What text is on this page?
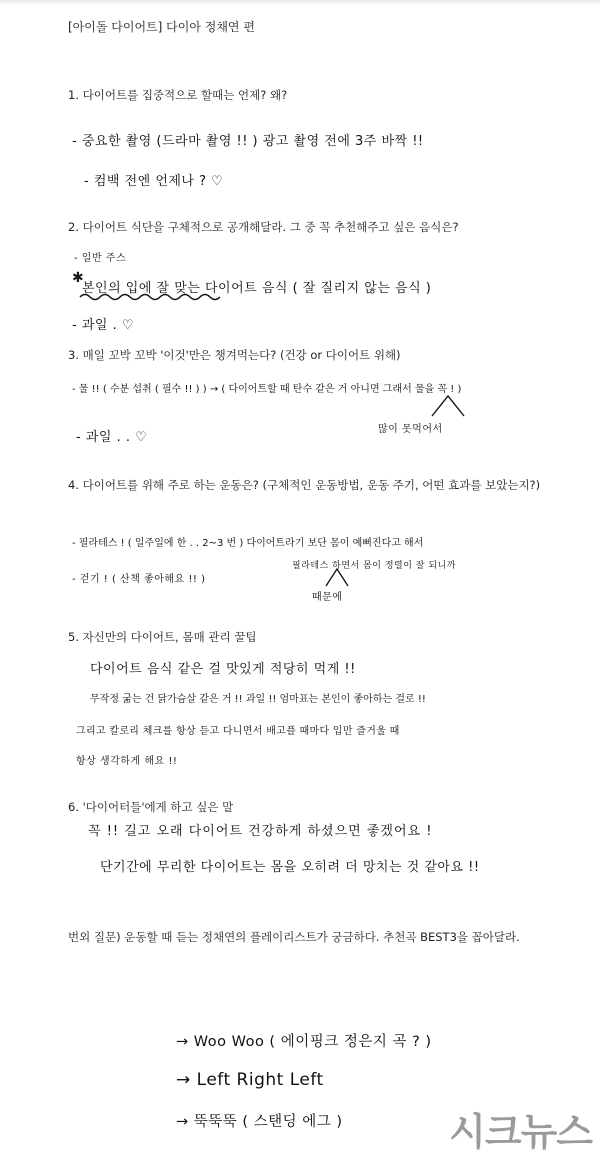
[아이돌 다이어트] 다이아 정채연 편

1. 다이어트를 집중적으로 할때는 언제? 왜?

- 중요한 촬영 (드라마 촬영 !! ) 광고 촬영 전에 3주 바짝 !!

- 컴백 전엔 언제나 ? ♡

2. 다이어트 식단을 구체적으로 공개해달라. 그 중 꼭 추천해주고 싶은 음식은?

- 일반 주스

본인의 입에 잘 맞는 다이어트 음식 ( 잘 질리지 않는 음식 )

✱

- 과일 . ♡

3. 매일 꼬박 꼬박 '이것'만은 챙겨먹는다? (건강 or 다이어트 위해)

- 물 !! ( 수분 섭취 ( 필수 !! ) ) → ( 다이어트할 때 탄수 같은 거 아니면 그래서 물을 꼭 ! )

많이 못먹어서

- 과일 . . ♡

4. 다이어트를 위해 주로 하는 운동은? (구체적인 운동방법, 운동 주기, 어떤 효과를 보았는지?)

- 필라테스 ! ( 일주일에 한 . . 2~3 번 ) 다이어트라기 보단 몸이 예뻐진다고 해서

- 걷기 ! ( 산책 좋아해요 !! )

필라테스 하면서 몸이 정렬이 잘 되니까

때문에

5. 자신만의 다이어트, 몸매 관리 꿀팁

다이어트 음식 같은 걸 맛있게 적당히 먹게 !!

무작정 굶는 건 닭가슴살 같은 거 !! 과일 !! 엄마표는 본인이 좋아하는 걸로 !!

그리고 칼로리 체크를 항상 듣고 다니면서 배고플 때마다 입만 즐거울 때

항상 생각하게 해요 !!

6. '다이어터들'에게 하고 싶은 말

꼭 !! 길고 오래 다이어트 건강하게 하셨으면 좋겠어요 !

단기간에 무리한 다이어트는 몸을 오히려 더 망치는 것 같아요 !!

번외 질문) 운동할 때 듣는 정채연의 플레이리스트가 궁금하다. 추천곡 BEST3을 꼽아달라.

→ Woo Woo ( 에이핑크 정은지 곡 ? )

→ Left Right Left

→ 뚝뚝뚝 ( 스탠딩 에그 )	시크뉴스
